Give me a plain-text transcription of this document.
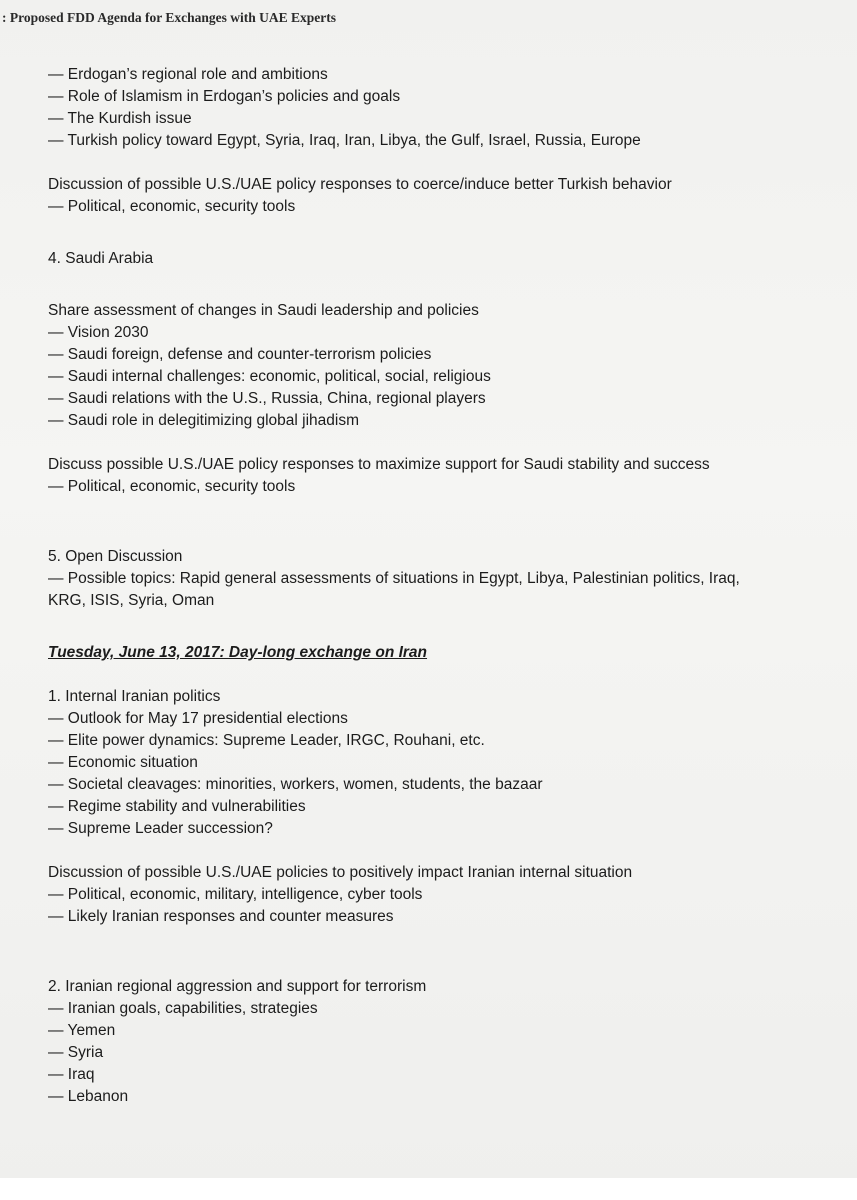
: Proposed FDD Agenda for Exchanges with UAE Experts
— Erdogan’s regional role and ambitions
— Role of Islamism in Erdogan’s policies and goals
— The Kurdish issue
— Turkish policy toward Egypt, Syria, Iraq, Iran, Libya, the Gulf, Israel, Russia, Europe
Discussion of possible U.S./UAE policy responses to coerce/induce better Turkish behavior
— Political, economic, security tools
4. Saudi Arabia
Share assessment of changes in Saudi leadership and policies
— Vision 2030
— Saudi foreign, defense and counter-terrorism policies
— Saudi internal challenges: economic, political, social, religious
— Saudi relations with the U.S., Russia, China, regional players
— Saudi role in delegitimizing global jihadism
Discuss possible U.S./UAE policy responses to maximize support for Saudi stability and success
— Political, economic, security tools
5. Open Discussion
— Possible topics: Rapid general assessments of situations in Egypt, Libya, Palestinian politics, Iraq,
KRG, ISIS, Syria, Oman
Tuesday, June 13, 2017: Day-long exchange on Iran
1. Internal Iranian politics
— Outlook for May 17 presidential elections
— Elite power dynamics: Supreme Leader, IRGC, Rouhani, etc.
— Economic situation
— Societal cleavages: minorities, workers, women, students, the bazaar
— Regime stability and vulnerabilities
— Supreme Leader succession?
Discussion of possible U.S./UAE policies to positively impact Iranian internal situation
— Political, economic, military, intelligence, cyber tools
— Likely Iranian responses and counter measures
2. Iranian regional aggression and support for terrorism
— Iranian goals, capabilities, strategies
— Yemen
— Syria
— Iraq
— Lebanon
